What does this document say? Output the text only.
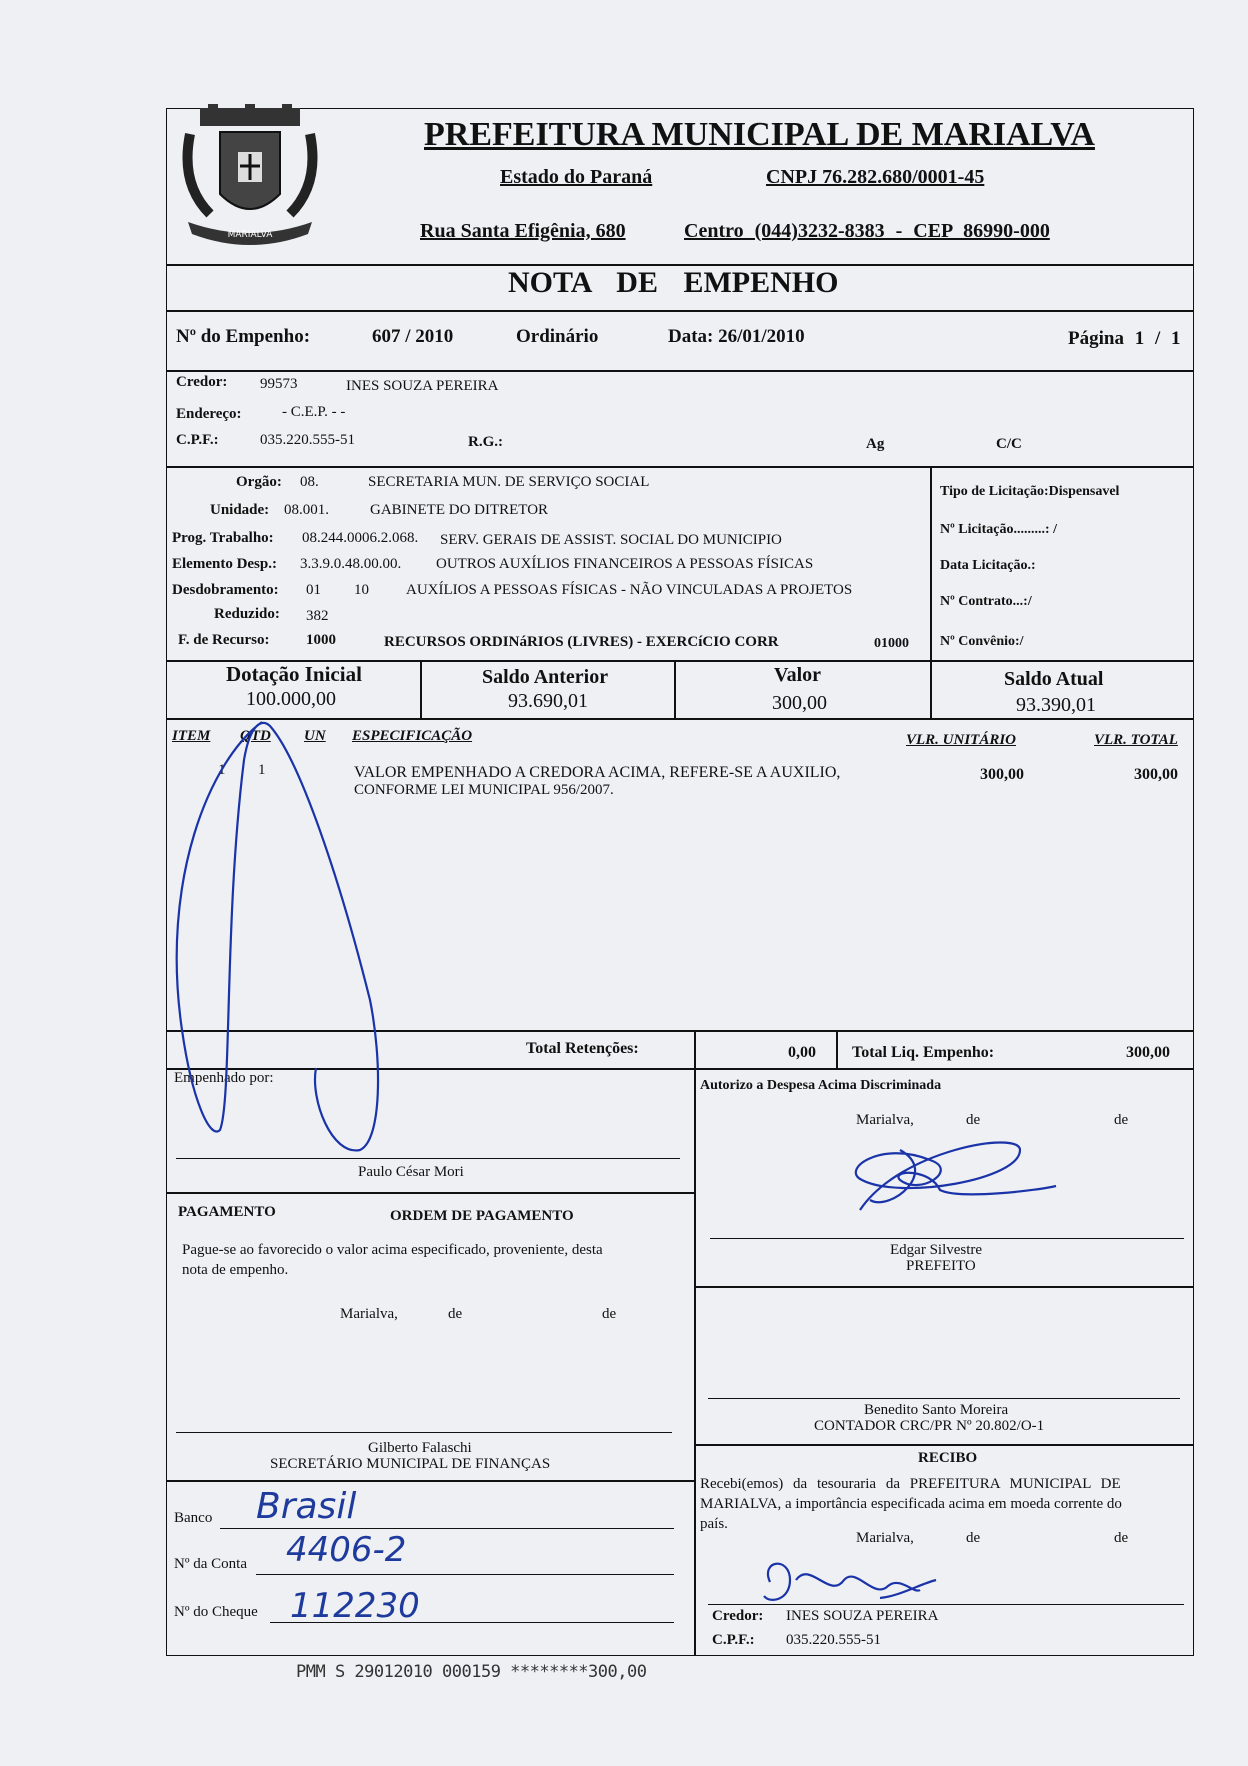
MARIALVA
PREFEITURA MUNICIPAL DE MARIALVA
Estado do Paraná	CNPJ 76.282.680/0001-45
Rua Santa Efigênia, 680	Centro (044)3232-8383 - CEP 86990-000
NOTA DE EMPENHO
Nº do Empenho:	607 / 2010	Ordinário	Data: 26/01/2010	Página 1 / 1
Credor: 99573	INES SOUZA PEREIRA
Endereço:	- C.E.P. - -
C.P.F.:	035.220.555-51	R.G.:	Ag	C/C
Orgão: 08.	SECRETARIA MUN. DE SERVIÇO SOCIAL
Unidade: 08.001.	GABINETE DO DITRETOR
Prog. Trabalho: 08.244.0006.2.068. SERV. GERAIS DE ASSIST. SOCIAL DO MUNICIPIO
Elemento Desp.: 3.3.9.0.48.00.00. OUTROS AUXÍLIOS FINANCEIROS A PESSOAS FÍSICAS
Desdobramento: 01 10 AUXÍLIOS A PESSOAS FÍSICAS - NÃO VINCULADAS A PROJETOS
Reduzido: 382
F. de Recurso: 1000	RECURSOS ORDINáRIOS (LIVRES) - EXERCíCIO CORR	01000
Tipo de Licitação:Dispensavel
Nº Licitação.........: /
Data Licitação.:
Nº Contrato...:/
Nº Convênio:/
Dotação Inicial
100.000,00
Saldo Anterior
93.690,01
Valor
300,00
Saldo Atual
93.390,01
ITEM QTD UN ESPECIFICAÇÃO	VLR. UNITÁRIO	VLR. TOTAL
1 1	VALOR EMPENHADO A CREDORA ACIMA, REFERE-SE A AUXILIO,
CONFORME LEI MUNICIPAL 956/2007.
300,00	300,00
Total Retenções:	0,00 Total Liq. Empenho:	300,00
Empenhado por:
Paulo César Mori
Autorizo a Despesa Acima Discriminada
Marialva,	de	de
Edgar Silvestre
PREFEITO
PAGAMENTO	ORDEM DE PAGAMENTO
Pague-se ao favorecido o valor acima especificado, proveniente, desta
nota de empenho.
Marialva,	de	de
Gilberto Falaschi
SECRETÁRIO MUNICIPAL DE FINANÇAS
Benedito Santo Moreira
CONTADOR CRC/PR Nº 20.802/O-1
RECIBO
Recebi(emos) da tesouraria da PREFEITURA MUNICIPAL DE
MARIALVA, a importância especificada acima em moeda corrente do
país.
Marialva,	de	de
Credor: INES SOUZA PEREIRA
C.P.F.: 035.220.555-51
Banco Brasil
Nº da Conta 4406-2
Nº do Cheque 112230
PMM S 29012010 000159 ********300,00
